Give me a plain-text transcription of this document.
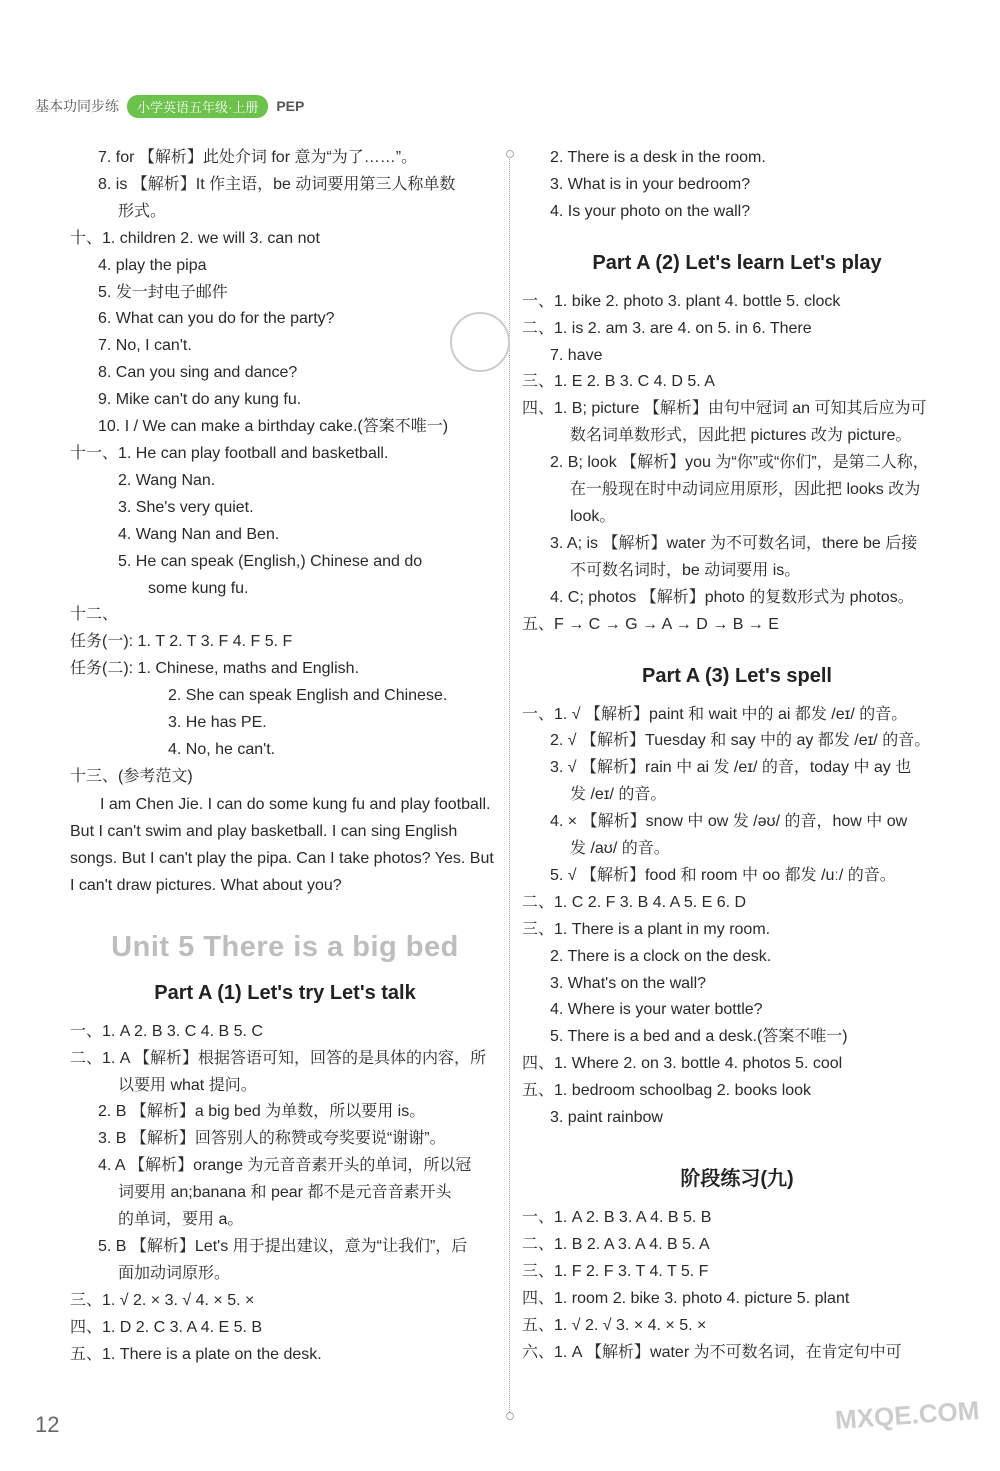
基本功同步练	小学英语五年级·上册	PEP
7. for 【解析】此处介词 for 意为“为了……”。
8. is 【解析】It 作主语，be 动词要用第三人称单数
形式。
十、1. children 2. we will 3. can not
4. play the pipa
5. 发一封电子邮件
6. What can you do for the party?
7. No, I can't.
8. Can you sing and dance?
9. Mike can't do any kung fu.
10. I / We can make a birthday cake.(答案不唯一)
十一、1. He can play football and basketball.
2. Wang Nan.
3. She's very quiet.
4. Wang Nan and Ben.
5. He can speak (English,) Chinese and do
some kung fu.
十二、
任务(一): 1. T 2. T 3. F 4. F 5. F
任务(二): 1. Chinese, maths and English.
2. She can speak English and Chinese.
3. He has PE.
4. No, he can't.
十三、(参考范文)
I am Chen Jie. I can do some kung fu and play football. But I can't swim and play basketball. I can sing English songs. But I can't play the pipa. Can I take photos? Yes. But I can't draw pictures. What about you?
Unit 5 There is a big bed
Part A (1) Let's try Let's talk
一、1. A 2. B 3. C 4. B 5. C
二、1. A 【解析】根据答语可知，回答的是具体的内容，所
以要用 what 提问。
2. B 【解析】a big bed 为单数，所以要用 is。
3. B 【解析】回答别人的称赞或夸奖要说“谢谢”。
4. A 【解析】orange 为元音音素开头的单词，所以冠
词要用 an;banana 和 pear 都不是元音音素开头
的单词，要用 a。
5. B 【解析】Let's 用于提出建议，意为“让我们”，后
面加动词原形。
三、1. √ 2. × 3. √ 4. × 5. ×
四、1. D 2. C 3. A 4. E 5. B
五、1. There is a plate on the desk.
2. There is a desk in the room.
3. What is in your bedroom?
4. Is your photo on the wall?
Part A (2) Let's learn Let's play
一、1. bike 2. photo 3. plant 4. bottle 5. clock
二、1. is 2. am 3. are 4. on 5. in 6. There
7. have
三、1. E 2. B 3. C 4. D 5. A
四、1. B; picture 【解析】由句中冠词 an 可知其后应为可
数名词单数形式，因此把 pictures 改为 picture。
2. B; look 【解析】you 为“你”或“你们”，是第二人称，
在一般现在时中动词应用原形，因此把 looks 改为
look。
3. A; is 【解析】water 为不可数名词，there be 后接
不可数名词时，be 动词要用 is。
4. C; photos 【解析】photo 的复数形式为 photos。
五、F → C → G → A → D → B → E
Part A (3) Let's spell
一、1. √ 【解析】paint 和 wait 中的 ai 都发 /eɪ/ 的音。
2. √ 【解析】Tuesday 和 say 中的 ay 都发 /eɪ/ 的音。
3. √ 【解析】rain 中 ai 发 /eɪ/ 的音，today 中 ay 也
发 /eɪ/ 的音。
4. × 【解析】snow 中 ow 发 /əʊ/ 的音，how 中 ow
发 /aʊ/ 的音。
5. √ 【解析】food 和 room 中 oo 都发 /uː/ 的音。
二、1. C 2. F 3. B 4. A 5. E 6. D
三、1. There is a plant in my room.
2. There is a clock on the desk.
3. What's on the wall?
4. Where is your water bottle?
5. There is a bed and a desk.(答案不唯一)
四、1. Where 2. on 3. bottle 4. photos 5. cool
五、1. bedroom schoolbag 2. books look
3. paint rainbow
阶段练习(九)
一、1. A 2. B 3. A 4. B 5. B
二、1. B 2. A 3. A 4. B 5. A
三、1. F 2. F 3. T 4. T 5. F
四、1. room 2. bike 3. photo 4. picture 5. plant
五、1. √ 2. √ 3. × 4. × 5. ×
六、1. A 【解析】water 为不可数名词，在肯定句中可
12	MXQE.COM
